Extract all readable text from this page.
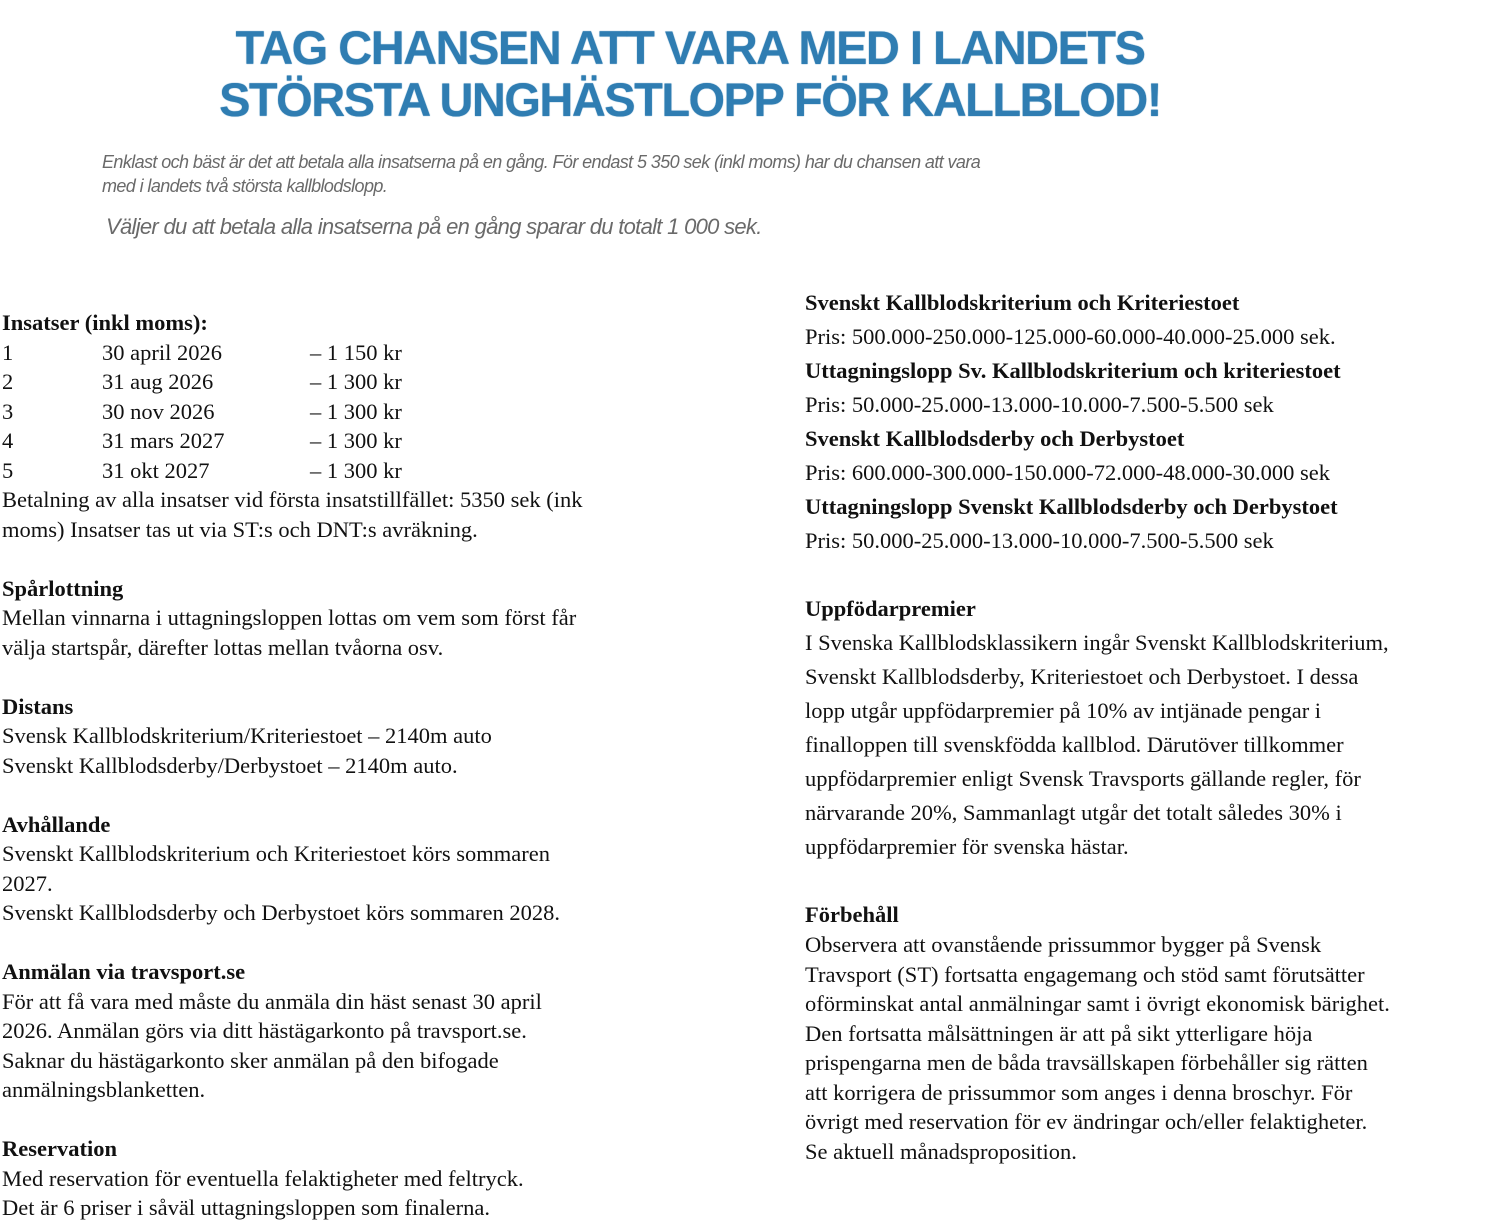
TAG CHANSEN ATT VARA MED I LANDETS
STÖRSTA UNGHÄSTLOPP FÖR KALLBLOD!
Enklast och bäst är det att betala alla insatserna på en gång. För endast 5 350 sek (inkl moms) har du chansen att vara
med i landets två största kallblodslopp.
Väljer du att betala alla insatserna på en gång sparar du totalt 1 000 sek.
Insatser (inkl moms):
1	30 april 2026	– 1 150 kr
2	31 aug 2026	– 1 300 kr
3	30 nov 2026	– 1 300 kr
4	31 mars 2027	– 1 300 kr
5	31 okt 2027	– 1 300 kr
Betalning av alla insatser vid första insatstillfället: 5350 sek (ink
moms) Insatser tas ut via ST:s och DNT:s avräkning.
Spårlottning
Mellan vinnarna i uttagningsloppen lottas om vem som först får
välja startspår, därefter lottas mellan tvåorna osv.
Distans
Svensk Kallblodskriterium/Kriteriestoet – 2140m auto
Svenskt Kallblodsderby/Derbystoet – 2140m auto.
Avhållande
Svenskt Kallblodskriterium och Kriteriestoet körs sommaren
2027.
Svenskt Kallblodsderby och Derbystoet körs sommaren 2028.
Anmälan via travsport.se
För att få vara med måste du anmäla din häst senast 30 april
2026. Anmälan görs via ditt hästägarkonto på travsport.se.
Saknar du hästägarkonto sker anmälan på den bifogade
anmälningsblanketten.
Reservation
Med reservation för eventuella felaktigheter med feltryck.
Det är 6 priser i såväl uttagningsloppen som finalerna.
Svenskt Kallblodskriterium och Kriteriestoet
Pris: 500.000-250.000-125.000-60.000-40.000-25.000 sek.
Uttagningslopp Sv. Kallblodskriterium och kriteriestoet
Pris: 50.000-25.000-13.000-10.000-7.500-5.500 sek
Svenskt Kallblodsderby och Derbystoet
Pris: 600.000-300.000-150.000-72.000-48.000-30.000 sek
Uttagningslopp Svenskt Kallblodsderby och Derbystoet
Pris: 50.000-25.000-13.000-10.000-7.500-5.500 sek
Uppfödarpremier
I Svenska Kallblodsklassikern ingår Svenskt Kallblodskriterium,
Svenskt Kallblodsderby, Kriteriestoet och Derbystoet. I dessa
lopp utgår uppfödarpremier på 10% av intjänade pengar i
finalloppen till svenskfödda kallblod. Därutöver tillkommer
uppfödarpremier enligt Svensk Travsports gällande regler, för
närvarande 20%, Sammanlagt utgår det totalt således 30% i
uppfödarpremier för svenska hästar.
Förbehåll
Observera att ovanstående prissummor bygger på Svensk
Travsport (ST) fortsatta engagemang och stöd samt förutsätter
oförminskat antal anmälningar samt i övrigt ekonomisk bärighet.
Den fortsatta målsättningen är att på sikt ytterligare höja
prispengarna men de båda travsällskapen förbehåller sig rätten
att korrigera de prissummor som anges i denna broschyr. För
övrigt med reservation för ev ändringar och/eller felaktigheter.
Se aktuell månadsproposition.
